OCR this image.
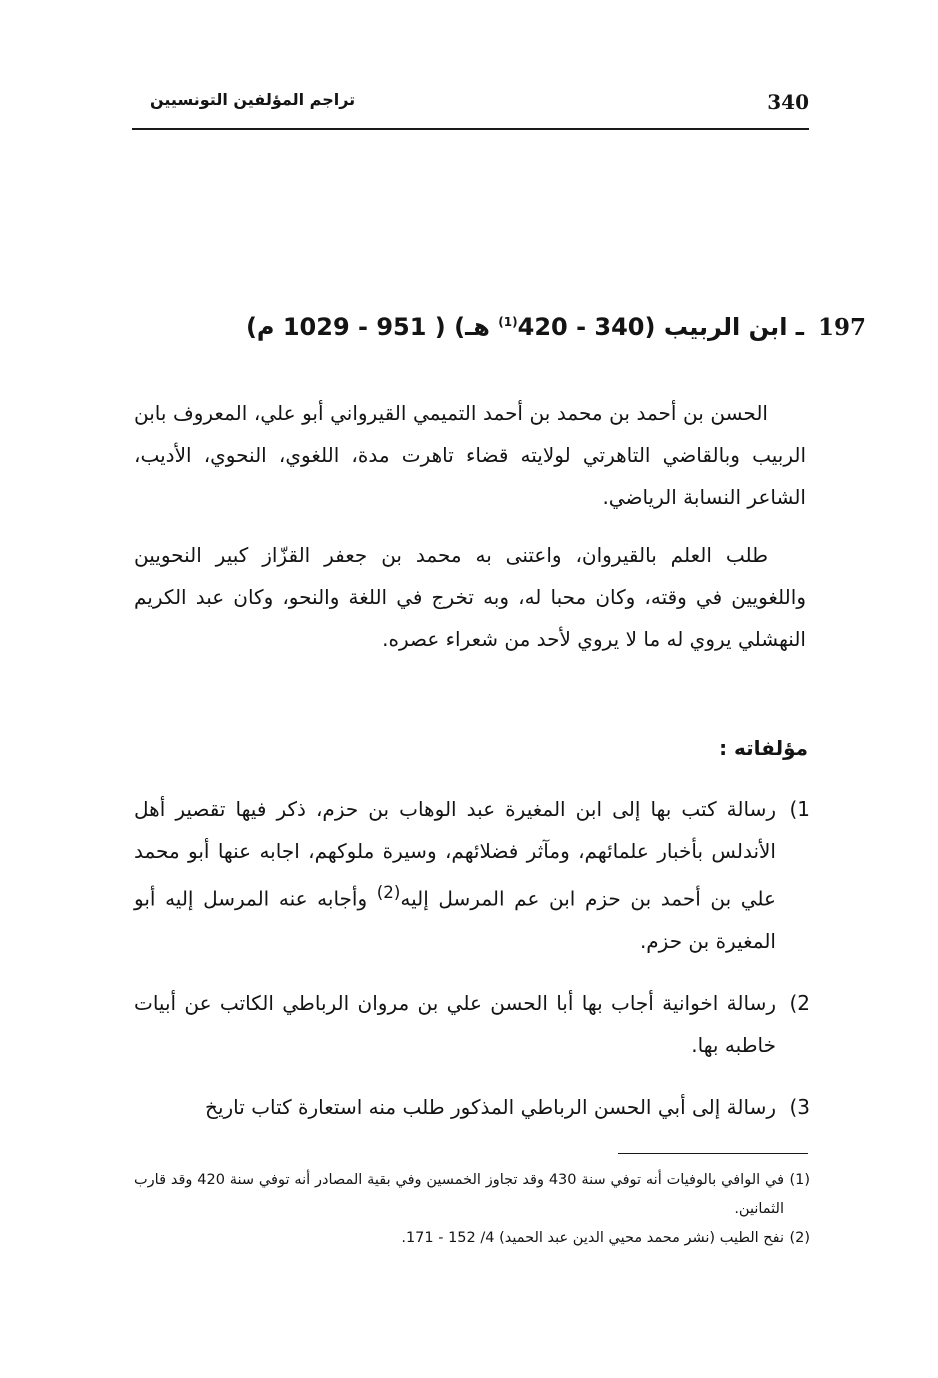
340
تراجم المؤلفين التونسيين
197ـ ابن الربيب (340 - 420$^{(1)}$ هـ) ( 951 - 1029 م)

الحسن بن أحمد بن محمد بن أحمد التميمي القيرواني أبو علي، المعروف بابن الربيب وبالقاضي التاهرتي لولايته قضاء تاهرت مدة، اللغوي، النحوي، الأديب، الشاعر النسابة الرياضي.

طلب العلم بالقيروان، واعتنى به محمد بن جعفر القزّاز كبير النحويين واللغويين في وقته، وكان محبا له، وبه تخرج في اللغة والنحو، وكان عبد الكريم النهشلي يروي له ما لا يروي لأحد من شعراء عصره.

مؤلفاته :
(1
رسالة كتب بها إلى ابن المغيرة عبد الوهاب بن حزم، ذكر فيها تقصير أهل الأندلس بأخبار علمائهم، ومآثر فضلائهم، وسيرة ملوكهم، اجابه عنها أبو محمد علي بن أحمد بن حزم ابن عم المرسل إليه$^{(2)}$ وأجابه عنه المرسل إليه أبو المغيرة بن حزم.
(2
رسالة اخوانية أجاب بها أبا الحسن علي بن مروان الرباطي الكاتب عن أبيات خاطبه بها.
(3
رسالة إلى أبي الحسن الرباطي المذكور طلب منه استعارة كتاب تاريخ

(1)
في الوافي بالوفيات أنه توفي سنة 430 وقد تجاوز الخمسين وفي بقية المصادر أنه توفي سنة 420 وقد قارب الثمانين.

(2)
نفح الطيب (نشر محمد محيي الدين عبد الحميد) 4/ 152 - 171.
